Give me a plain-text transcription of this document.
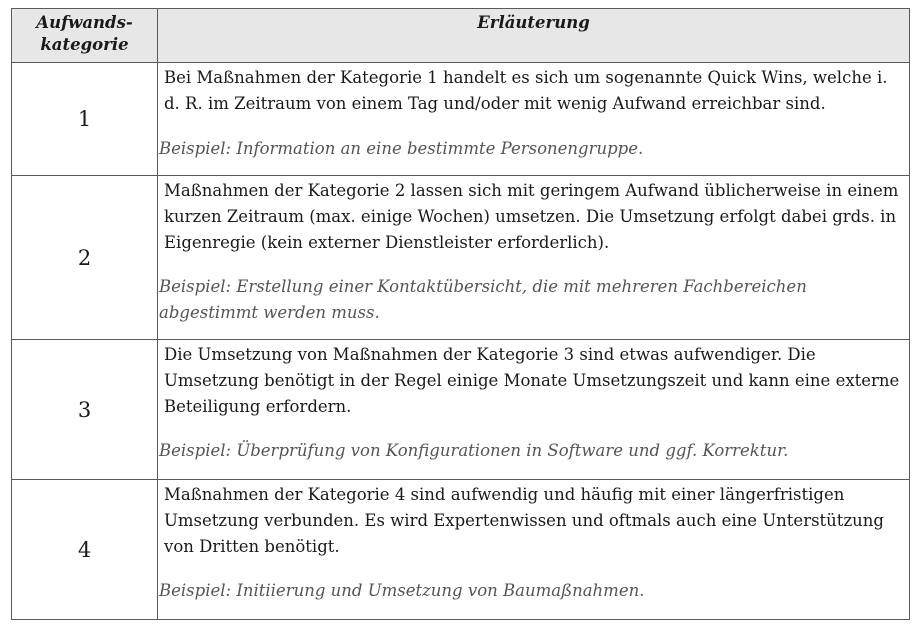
Aufwands-
kategorie	Erläuterung
1	Bei Maßnahmen der Kategorie 1 handelt es sich um sogenannte Quick Wins, welche i. d. R. im Zeitraum von einem Tag und/oder mit wenig Aufwand erreichbar sind.

Beispiel: Information an eine bestimmte Personengruppe.

2	Maßnahmen der Kategorie 2 lassen sich mit geringem Aufwand üblicherweise in einem kurzen Zeitraum (max. einige Wochen) umsetzen. Die Umsetzung erfolgt dabei grds. in Eigenregie (kein externer Dienstleister erforderlich).

Beispiel: Erstellung einer Kontaktübersicht, die mit mehreren Fachbereichen abgestimmt werden muss.

3	Die Umsetzung von Maßnahmen der Kategorie 3 sind etwas aufwendiger. Die Umsetzung benötigt in der Regel einige Monate Umsetzungszeit und kann eine externe Beteiligung erfordern.

Beispiel: Überprüfung von Konfigurationen in Software und ggf. Korrektur.

4	Maßnahmen der Kategorie 4 sind aufwendig und häufig mit einer längerfristigen Umsetzung verbunden. Es wird Expertenwissen und oftmals auch eine Unterstützung von Dritten benötigt.

Beispiel: Initiierung und Umsetzung von Baumaßnahmen.
